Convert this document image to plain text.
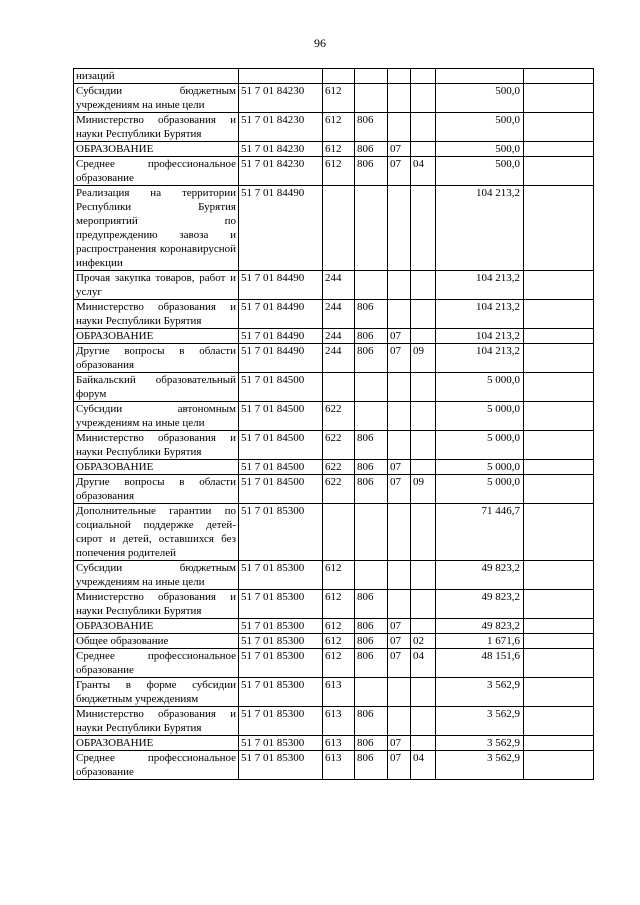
96
низаций							
Субсидии бюджетным учреждениям на иные цели	51 7 01 84230	612				500,0	
Министерство образования и науки Республики Бурятия	51 7 01 84230	612	806			500,0	
ОБРАЗОВАНИЕ	51 7 01 84230	612	806	07		500,0	
Среднее профессиональное образование	51 7 01 84230	612	806	07	04	500,0	
Реализация на территории Республики Бурятия мероприятий по предупреждению завоза и распространения коронавирусной инфекции	51 7 01 84490					104 213,2	
Прочая закупка товаров, работ и услуг	51 7 01 84490	244				104 213,2	
Министерство образования и науки Республики Бурятия	51 7 01 84490	244	806			104 213,2	
ОБРАЗОВАНИЕ	51 7 01 84490	244	806	07		104 213,2	
Другие вопросы в области образования	51 7 01 84490	244	806	07	09	104 213,2	
Байкальский образовательный форум	51 7 01 84500					5 000,0	
Субсидии автономным учреждениям на иные цели	51 7 01 84500	622				5 000,0	
Министерство образования и науки Республики Бурятия	51 7 01 84500	622	806			5 000,0	
ОБРАЗОВАНИЕ	51 7 01 84500	622	806	07		5 000,0	
Другие вопросы в области образования	51 7 01 84500	622	806	07	09	5 000,0	
Дополнительные гарантии по социальной поддержке детей-сирот и детей, оставшихся без попечения родителей	51 7 01 85300					71 446,7	
Субсидии бюджетным учреждениям на иные цели	51 7 01 85300	612				49 823,2	
Министерство образования и науки Республики Бурятия	51 7 01 85300	612	806			49 823,2	
ОБРАЗОВАНИЕ	51 7 01 85300	612	806	07		49 823,2	
Общее образование	51 7 01 85300	612	806	07	02	1 671,6	
Среднее профессиональное образование	51 7 01 85300	612	806	07	04	48 151,6	
Гранты в форме субсидии бюджетным учреждениям	51 7 01 85300	613				3 562,9	
Министерство образования и науки Республики Бурятия	51 7 01 85300	613	806			3 562,9	
ОБРАЗОВАНИЕ	51 7 01 85300	613	806	07		3 562,9	
Среднее профессиональное образование	51 7 01 85300	613	806	07	04	3 562,9	
